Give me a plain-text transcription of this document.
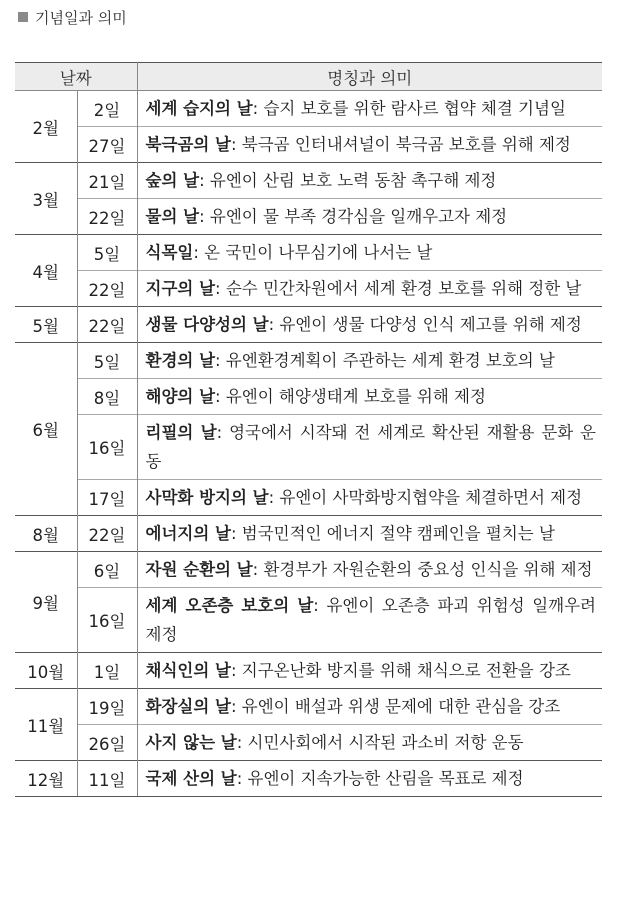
기념일과 의미
날짜		명칭과 의미
2월	2일	세계 습지의 날: 습지 보호를 위한 람사르 협약 체결 기념일
	27일	북극곰의 날: 북극곰 인터내셔널이 북극곰 보호를 위해 제정
3월	21일	숲의 날: 유엔이 산림 보호 노력 동참 촉구해 제정
	22일	물의 날: 유엔이 물 부족 경각심을 일깨우고자 제정
4월	5일	식목일: 온 국민이 나무심기에 나서는 날
	22일	지구의 날: 순수 민간차원에서 세계 환경 보호를 위해 정한 날
5월	22일	생물 다양성의 날: 유엔이 생물 다양성 인식 제고를 위해 제정
6월	5일	환경의 날: 유엔환경계획이 주관하는 세계 환경 보호의 날
	8일	해양의 날: 유엔이 해양생태계 보호를 위해 제정
	16일	리필의 날: 영국에서 시작돼 전 세계로 확산된 재활용 문화 운동
	17일	사막화 방지의 날: 유엔이 사막화방지협약을 체결하면서 제정
8월	22일	에너지의 날: 범국민적인 에너지 절약 캠페인을 펼치는 날
9월	6일	자원 순환의 날: 환경부가 자원순환의 중요성 인식을 위해 제정
	16일	세계 오존층 보호의 날: 유엔이 오존층 파괴 위험성 일깨우려 제정
10월	1일	채식인의 날: 지구온난화 방지를 위해 채식으로 전환을 강조
11월	19일	화장실의 날: 유엔이 배설과 위생 문제에 대한 관심을 강조
	26일	사지 않는 날: 시민사회에서 시작된 과소비 저항 운동
12월	11일	국제 산의 날: 유엔이 지속가능한 산림을 목표로 제정
